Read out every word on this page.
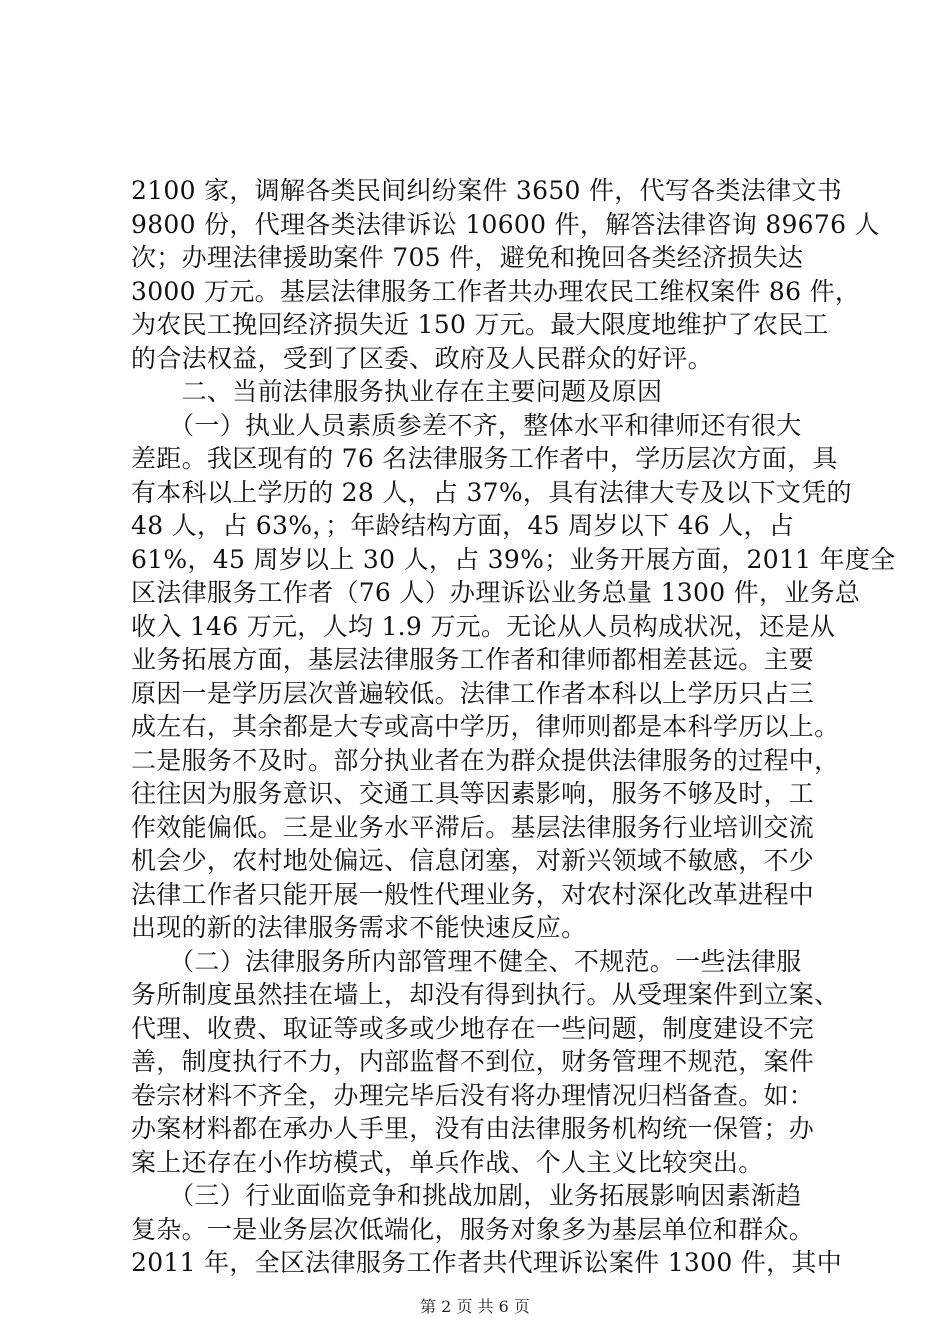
2100 家，调解各类民间纠纷案件 3650 件，代写各类法律文书
9800 份，代理各类法律诉讼 10600 件，解答法律咨询 89676 人
次；办理法律援助案件 705 件，避免和挽回各类经济损失达
3000 万元。基层法律服务工作者共办理农民工维权案件 86 件，
为农民工挽回经济损失近 150 万元。最大限度地维护了农民工
的合法权益，受到了区委、政府及人民群众的好评。
　　二、当前法律服务执业存在主要问题及原因
　　（一）执业人员素质参差不齐，整体水平和律师还有很大
差距。我区现有的 76 名法律服务工作者中，学历层次方面，具
有本科以上学历的 28 人，占 37%，具有法律大专及以下文凭的
48 人，占 63%，；年龄结构方面，45 周岁以下 46 人，占
61%，45 周岁以上 30 人，占 39%；业务开展方面，2011 年度全
区法律服务工作者（76 人）办理诉讼业务总量 1300 件，业务总
收入 146 万元，人均 1.9 万元。无论从人员构成状况，还是从
业务拓展方面，基层法律服务工作者和律师都相差甚远。主要
原因一是学历层次普遍较低。法律工作者本科以上学历只占三
成左右，其余都是大专或高中学历，律师则都是本科学历以上。
二是服务不及时。部分执业者在为群众提供法律服务的过程中，
往往因为服务意识、交通工具等因素影响，服务不够及时，工
作效能偏低。三是业务水平滞后。基层法律服务行业培训交流
机会少，农村地处偏远、信息闭塞，对新兴领域不敏感，不少
法律工作者只能开展一般性代理业务，对农村深化改革进程中
出现的新的法律服务需求不能快速反应。
　　（二）法律服务所内部管理不健全、不规范。一些法律服
务所制度虽然挂在墙上，却没有得到执行。从受理案件到立案、
代理、收费、取证等或多或少地存在一些问题，制度建设不完
善，制度执行不力，内部监督不到位，财务管理不规范，案件
卷宗材料不齐全，办理完毕后没有将办理情况归档备查。如：
办案材料都在承办人手里，没有由法律服务机构统一保管；办
案上还存在小作坊模式，单兵作战、个人主义比较突出。
　　（三）行业面临竞争和挑战加剧，业务拓展影响因素渐趋
复杂。一是业务层次低端化，服务对象多为基层单位和群众。
2011 年，全区法律服务工作者共代理诉讼案件 1300 件，其中
第 2 页 共 6 页
